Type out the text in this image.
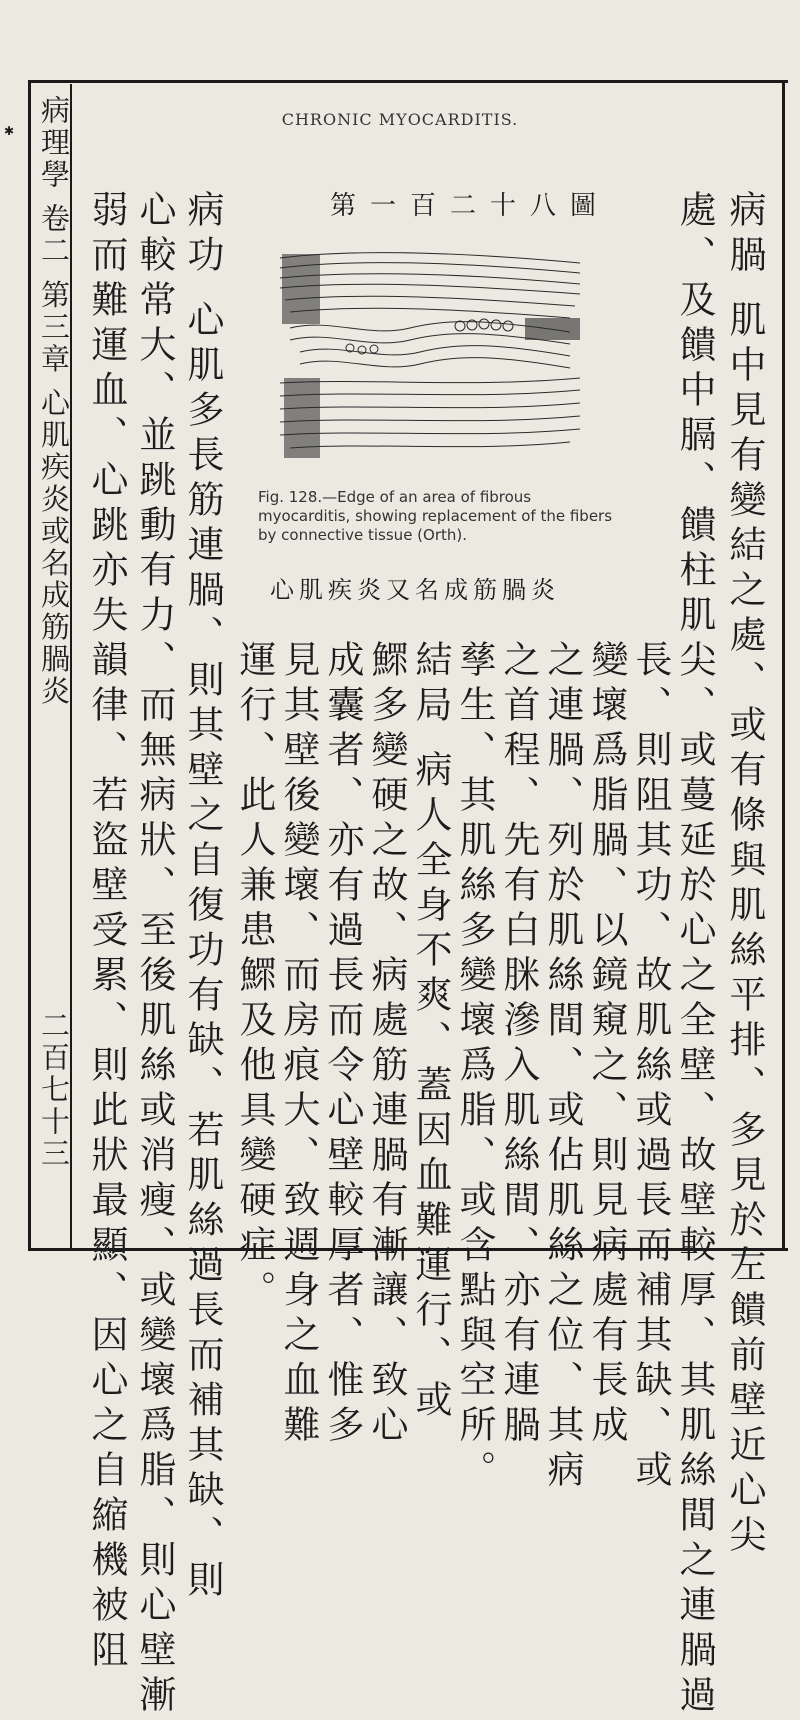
✱ 病理學 卷二 第三章 心肌疾炎或名成筋腡炎
二百七十三
CHRONIC MYOCARDITIS.
病腡 肌中見有變結之處、或有條與肌絲平排、多見於左饋前壁近心尖
處、及饋中膈、饋柱肌尖、或蔓延於心之全壁、故壁較厚、其肌絲間之連腡過
長、則阻其功、故肌絲或過長而補其缺、或
變壞爲脂腡、以鏡窺之、則見病處有長成
之連腡、列於肌絲間、或佔肌絲之位、其病
之首程、先有白脒滲入肌絲間、亦有連腡
孳生、其肌絲多變壞爲脂、或含點與空所。
結局 病人全身不爽、蓋因血難運行、或
鰥多變硬之故、病處筋連腡有漸讓、致心
成囊者、亦有過長而令心壁較厚者、惟多
見其壁後變壞、而房痕大、致週身之血難
運行、此人兼患鰥及他具變硬症。
病功 心肌多長筋連腡、則其壁之自復功有缺、若肌絲過長而補其缺、則
心較常大、並跳動有力、而無病狀、至後肌絲或消瘦、或變壞爲脂、則心壁漸
弱而難運血、心跳亦失韻律、若盜壁受累、則此狀最顯、因心之自縮機被阻	第一百二十八圖
Fig. 128.—Edge of an area of fibrous myocarditis, showing replacement of the fibers by connective tissue (Orth).
心肌疾炎又名成筋腡炎
